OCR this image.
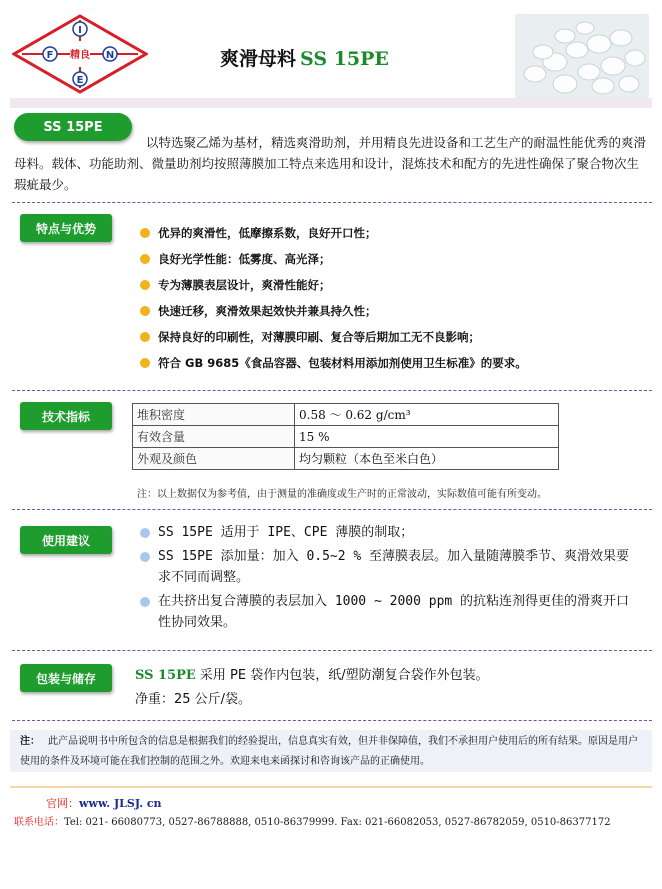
I
F	N
E
精良	爽滑母料 SS 15PE
SS 15PE

以特选聚乙烯为基材，精选爽滑助剂，并用精良先进设备和工艺生产的耐温性能优秀的爽滑母料。载体、功能助剂、微量助剂均按照薄膜加工特点来选用和设计，混炼技术和配方的先进性确保了聚合物次生瑕疵最少。

特点与优势	优异的爽滑性，低摩擦系数，良好开口性；
良好光学性能：低雾度、高光泽；
专为薄膜表层设计，爽滑性能好；
快速迁移，爽滑效果起效快并兼具持久性；
保持良好的印刷性，对薄膜印刷、复合等后期加工无不良影响；
符合 GB 9685《食品容器、包装材料用添加剂使用卫生标准》的要求。
技术指标	堆积密度	0.58 ～ 0.62 g/cm³
有效含量	15 %
外观及颜色	均匀颗粒（本色至米白色）
注：以上数据仅为参考值，由于测量的准确度或生产时的正常波动，实际数值可能有所变动。
使用建议
SS 15PE 适用于 IPE、CPE 薄膜的制取；
SS 15PE 添加量：加入 0.5~2 % 至薄膜表层。加入量随薄膜季节、爽滑效果要求不同而调整。
在共挤出复合薄膜的表层加入 1000 ~ 2000 ppm 的抗粘连剂得更佳的滑爽开口性协同效果。
包装与储存	SS 15PE 采用 PE 袋作内包装，纸/塑防潮复合袋作外包装。
净重：25 公斤/袋。
注： 此产品说明书中所包含的信息是根据我们的经验提出，信息真实有效，但并非保障值，我们不承担用户使用后的所有结果。原因是用户使用的条件及环境可能在我们控制的范围之外。欢迎来电来函探讨和咨询该产品的正确使用。
官网：www. JLSJ. cn
联系电话：Tel: 021- 66080773, 0527-86788888, 0510-86379999. Fax: 021-66082053, 0527-86782059, 0510-86377172
